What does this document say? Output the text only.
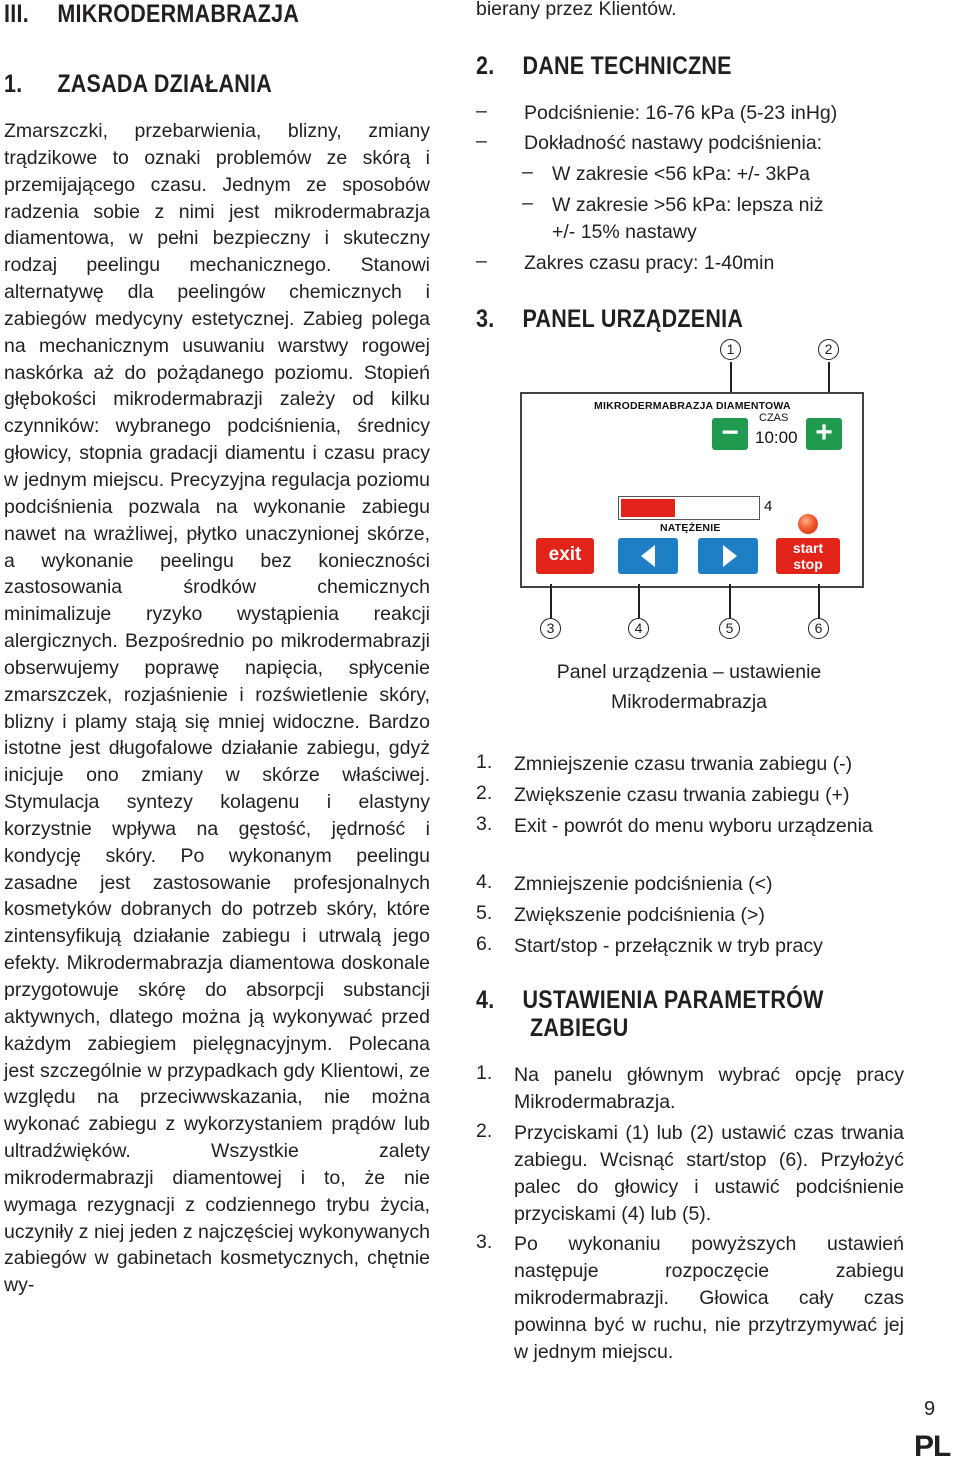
III. MIKRODERMABRAZJA
1. ZASADA DZIAŁANIA

Zmarszczki, przebarwienia, blizny, zmiany trądzikowe to oznaki problemów ze skórą i przemijającego czasu. Jednym ze sposobów radzenia sobie z nimi jest mikrodermabrazja diamentowa, w pełni bezpieczny i skuteczny rodzaj peelingu mechanicznego. Stanowi alternatywę dla peelingów chemicznych i zabiegów medycyny estetycznej. Zabieg polega na mechanicznym usuwaniu warstwy rogowej naskórka aż do pożądanego poziomu. Stopień głębokości mikrodermabrazji zależy od kilku czynników: wybranego podciśnienia, średnicy głowicy, stopnia gradacji diamentu i czasu pracy w jednym miejscu. Precyzyjna regulacja poziomu podciśnienia pozwala na wykonanie zabiegu nawet na wrażliwej, płytko unaczynionej skórze, a wykonanie peelingu bez konieczności zastosowania środków chemicznych minimalizuje ryzyko wystąpienia reakcji alergicznych. Bezpośrednio po mikrodermabrazji obserwujemy poprawę napięcia, spłycenie zmarszczek, rozjaśnienie i rozświetlenie skóry, blizny i plamy stają się mniej widoczne. Bardzo istotne jest długofalowe działanie zabiegu, gdyż inicjuje ono zmiany w skórze właściwej. Stymulacja syntezy kolagenu i elastyny korzystnie wpływa na gęstość, jędrność i kondycję skóry. Po wykonanym peelingu zasadne jest zastosowanie profesjonalnych kosmetyków dobranych do potrzeb skóry, które zintensyfikują działanie zabiegu i utrwalą jego efekty. Mikrodermabrazja diamentowa doskonale przygotowuje skórę do absorpcji substancji aktywnych, dlatego można ją wykonywać przed każdym zabiegiem pielęgnacyjnym. Polecana jest szczególnie w przypadkach gdy Klientowi, ze względu na przeciwwskazania, nie można wykonać zabiegu z wykorzystaniem prądów lub ultradźwięków. Wszystkie zalety mikrodermabrazji diamentowej i to, że nie wymaga rezygnacji z codziennego trybu życia, uczyniły z niej jeden z najczęściej wykonywanych zabiegów w gabinetach kosmetycznych, chętnie wy-

bierany przez Klientów.
2. DANE TECHNICZNE
– Podciśnienie: 16-76 kPa (5-23 inHg)
– Dokładność nastawy podciśnienia:
– W zakresie <56 kPa: +/- 3kPa
– W zakresie >56 kPa: lepsza niż +/- 15% nastawy
– Zakres czasu pracy: 1-40min
3. PANEL URZĄDZENIA
1	2
MIKRODERMABRAZJA DIAMENTOWA
CZAS
− 10:00 +
4
NATĘŻENIE
exit	start
stop
3	4	5	6
Panel urządzenia – ustawienie
Mikrodermabrazja
1. Zmniejszenie czasu trwania zabiegu (-)
2. Zwiększenie czasu trwania zabiegu (+)
3. Exit - powrót do menu wyboru urządzenia
4. Zmniejszenie podciśnienia (<)
5. Zwiększenie podciśnienia (>)
6. Start/stop - przełącznik w tryb pracy
4. USTAWIENIA PARAMETRÓW
ZABIEGU
1. Na panelu głównym wybrać opcję pracy Mikrodermabrazja.
2. Przyciskami (1) lub (2) ustawić czas trwania zabiegu. Wcisnąć start/stop (6). Przyłożyć palec do głowicy i ustawić podciśnienie przyciskami (4) lub (5).
3. Po wykonaniu powyższych ustawień następuje rozpoczęcie zabiegu mikrodermabrazji. Głowica cały czas powinna być w ruchu, nie przytrzymywać jej w jednym miejscu.
9
PL
